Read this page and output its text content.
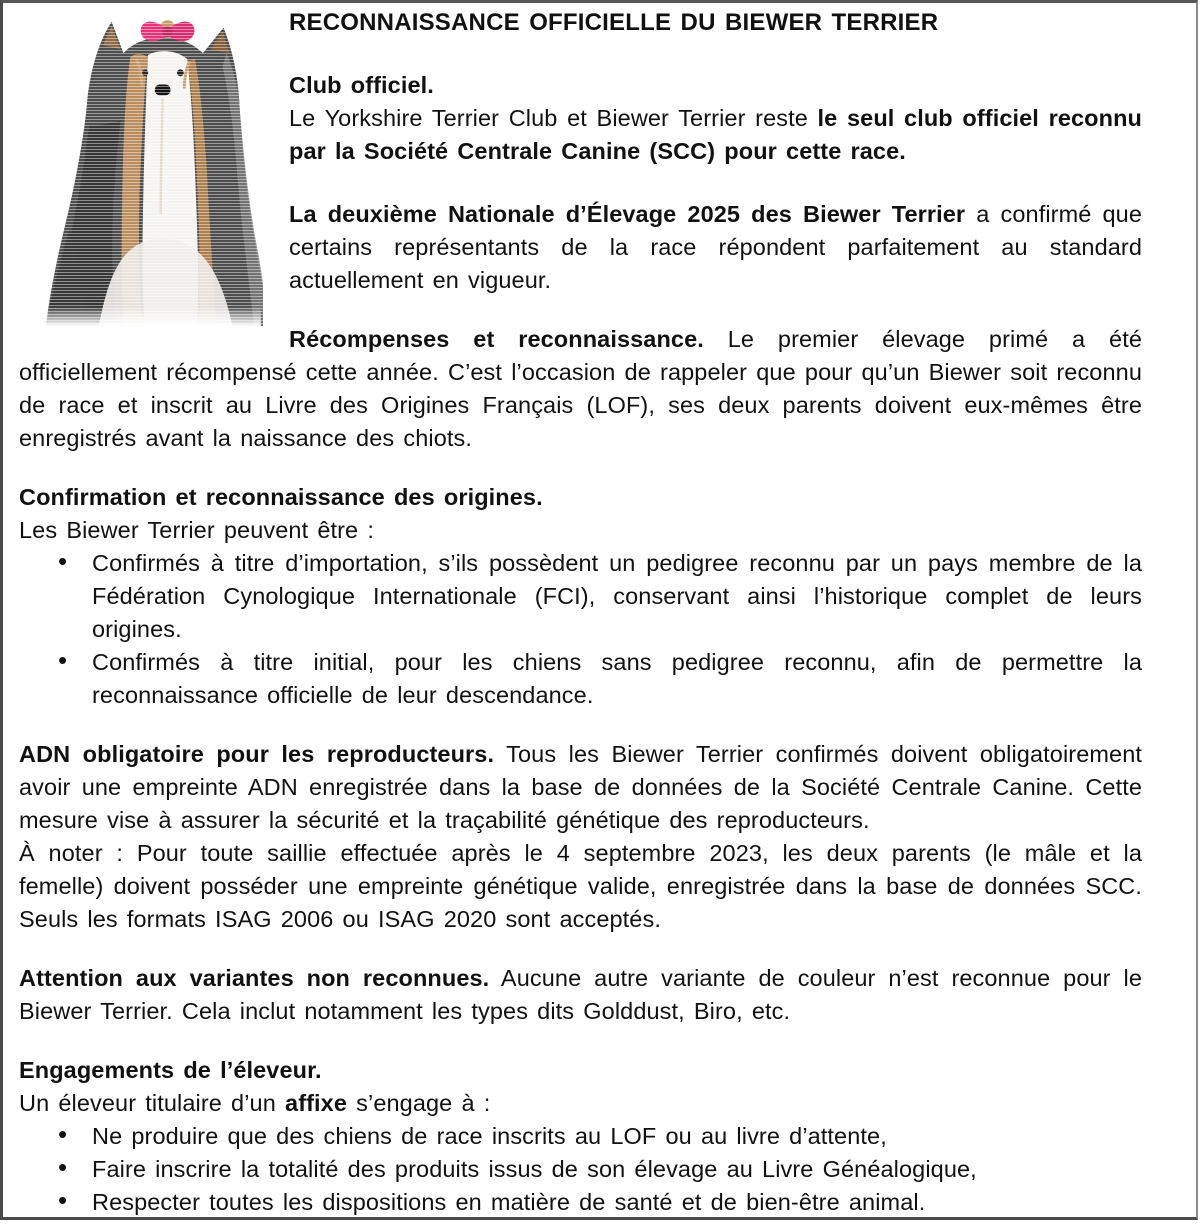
RECONNAISSANCE OFFICIELLE DU BIEWER TERRIER

Club officiel.

Le Yorkshire Terrier Club et Biewer Terrier reste le seul club officiel reconnu par la Société Centrale Canine (SCC) pour cette race.

La deuxième Nationale d’Élevage 2025 des Biewer Terrier a confirmé que certains représentants de la race répondent parfaitement au standard actuellement en vigueur.

Récompenses et reconnaissance. Le premier élevage primé a été officiellement récompensé cette année. C’est l’occasion de rappeler que pour qu’un Biewer soit reconnu de race et inscrit au Livre des Origines Français (LOF), ses deux parents doivent eux-mêmes être enregistrés avant la naissance des chiots.

Confirmation et reconnaissance des origines.

Les Biewer Terrier peuvent être :

• Confirmés à titre d’importation, s’ils possèdent un pedigree reconnu par un pays membre de la Fédération Cynologique Internationale (FCI), conservant ainsi l’historique complet de leurs origines.
• Confirmés à titre initial, pour les chiens sans pedigree reconnu, afin de permettre la reconnaissance officielle de leur descendance.

ADN obligatoire pour les reproducteurs. Tous les Biewer Terrier confirmés doivent obligatoirement avoir une empreinte ADN enregistrée dans la base de données de la Société Centrale Canine. Cette mesure vise à assurer la sécurité et la traçabilité génétique des reproducteurs.

À noter : Pour toute saillie effectuée après le 4 septembre 2023, les deux parents (le mâle et la femelle) doivent posséder une empreinte génétique valide, enregistrée dans la base de données SCC. Seuls les formats ISAG 2006 ou ISAG 2020 sont acceptés.

Attention aux variantes non reconnues. Aucune autre variante de couleur n’est reconnue pour le Biewer Terrier. Cela inclut notamment les types dits Golddust, Biro, etc.

Engagements de l’éleveur.

Un éleveur titulaire d’un affixe s’engage à :

• Ne produire que des chiens de race inscrits au LOF ou au livre d’attente,
• Faire inscrire la totalité des produits issus de son élevage au Livre Généalogique,
• Respecter toutes les dispositions en matière de santé et de bien-être animal.
